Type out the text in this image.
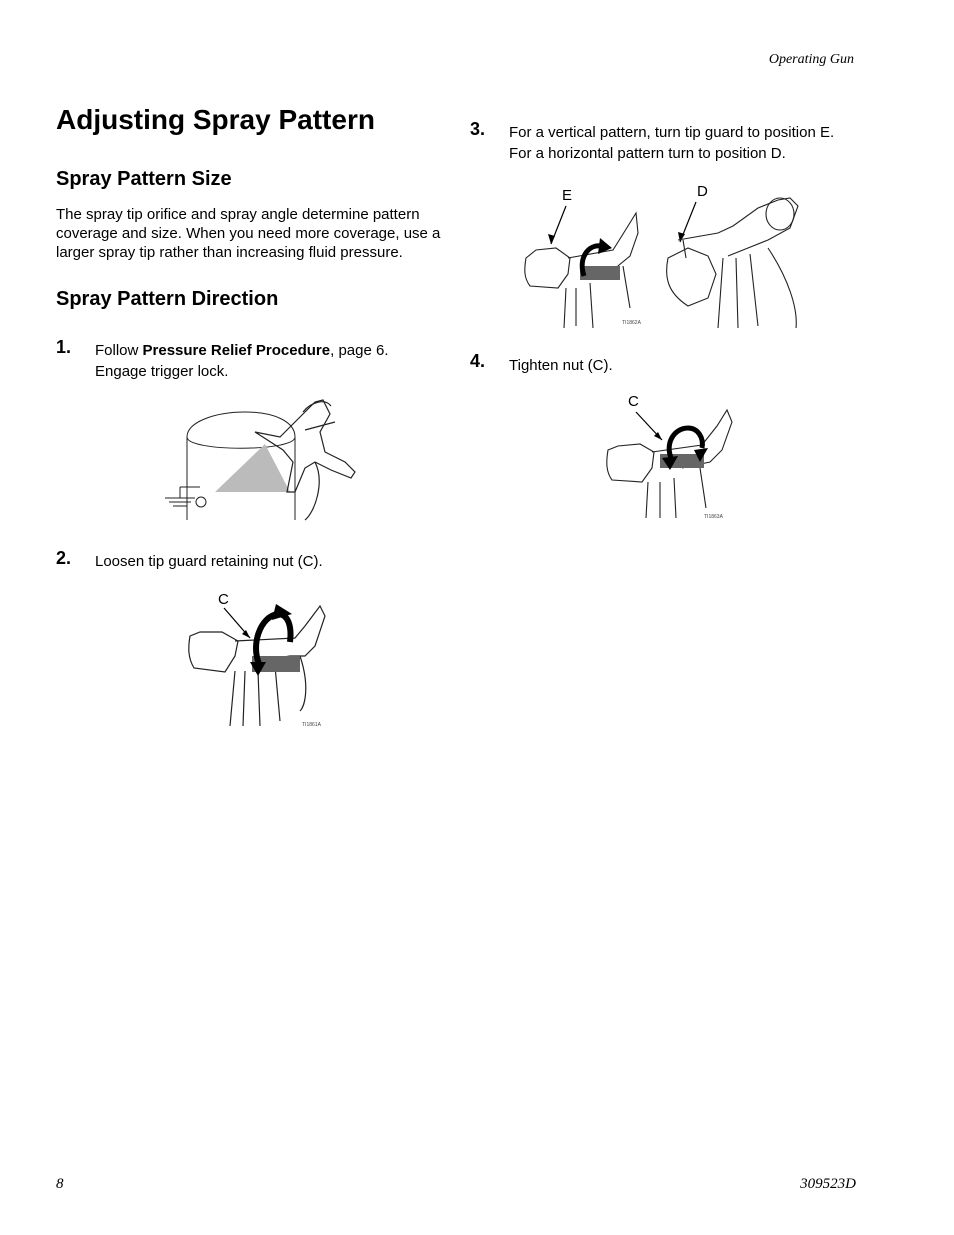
Operating Gun
Adjusting Spray Pattern
Spray Pattern Size
The spray tip orifice and spray angle determine pattern coverage and size. When you need more coverage, use a larger spray tip rather than increasing fluid pressure.
Spray Pattern Direction
1. Follow Pressure Relief Procedure, page 6.
Engage trigger lock.
2. Loosen tip guard retaining nut (C).
C
TI1861A
3. For a vertical pattern, turn tip guard to position E.
For a horizontal pattern turn to position D.
E	D
TI1862A
4. Tighten nut (C).
C
TI1863A
8	309523D
